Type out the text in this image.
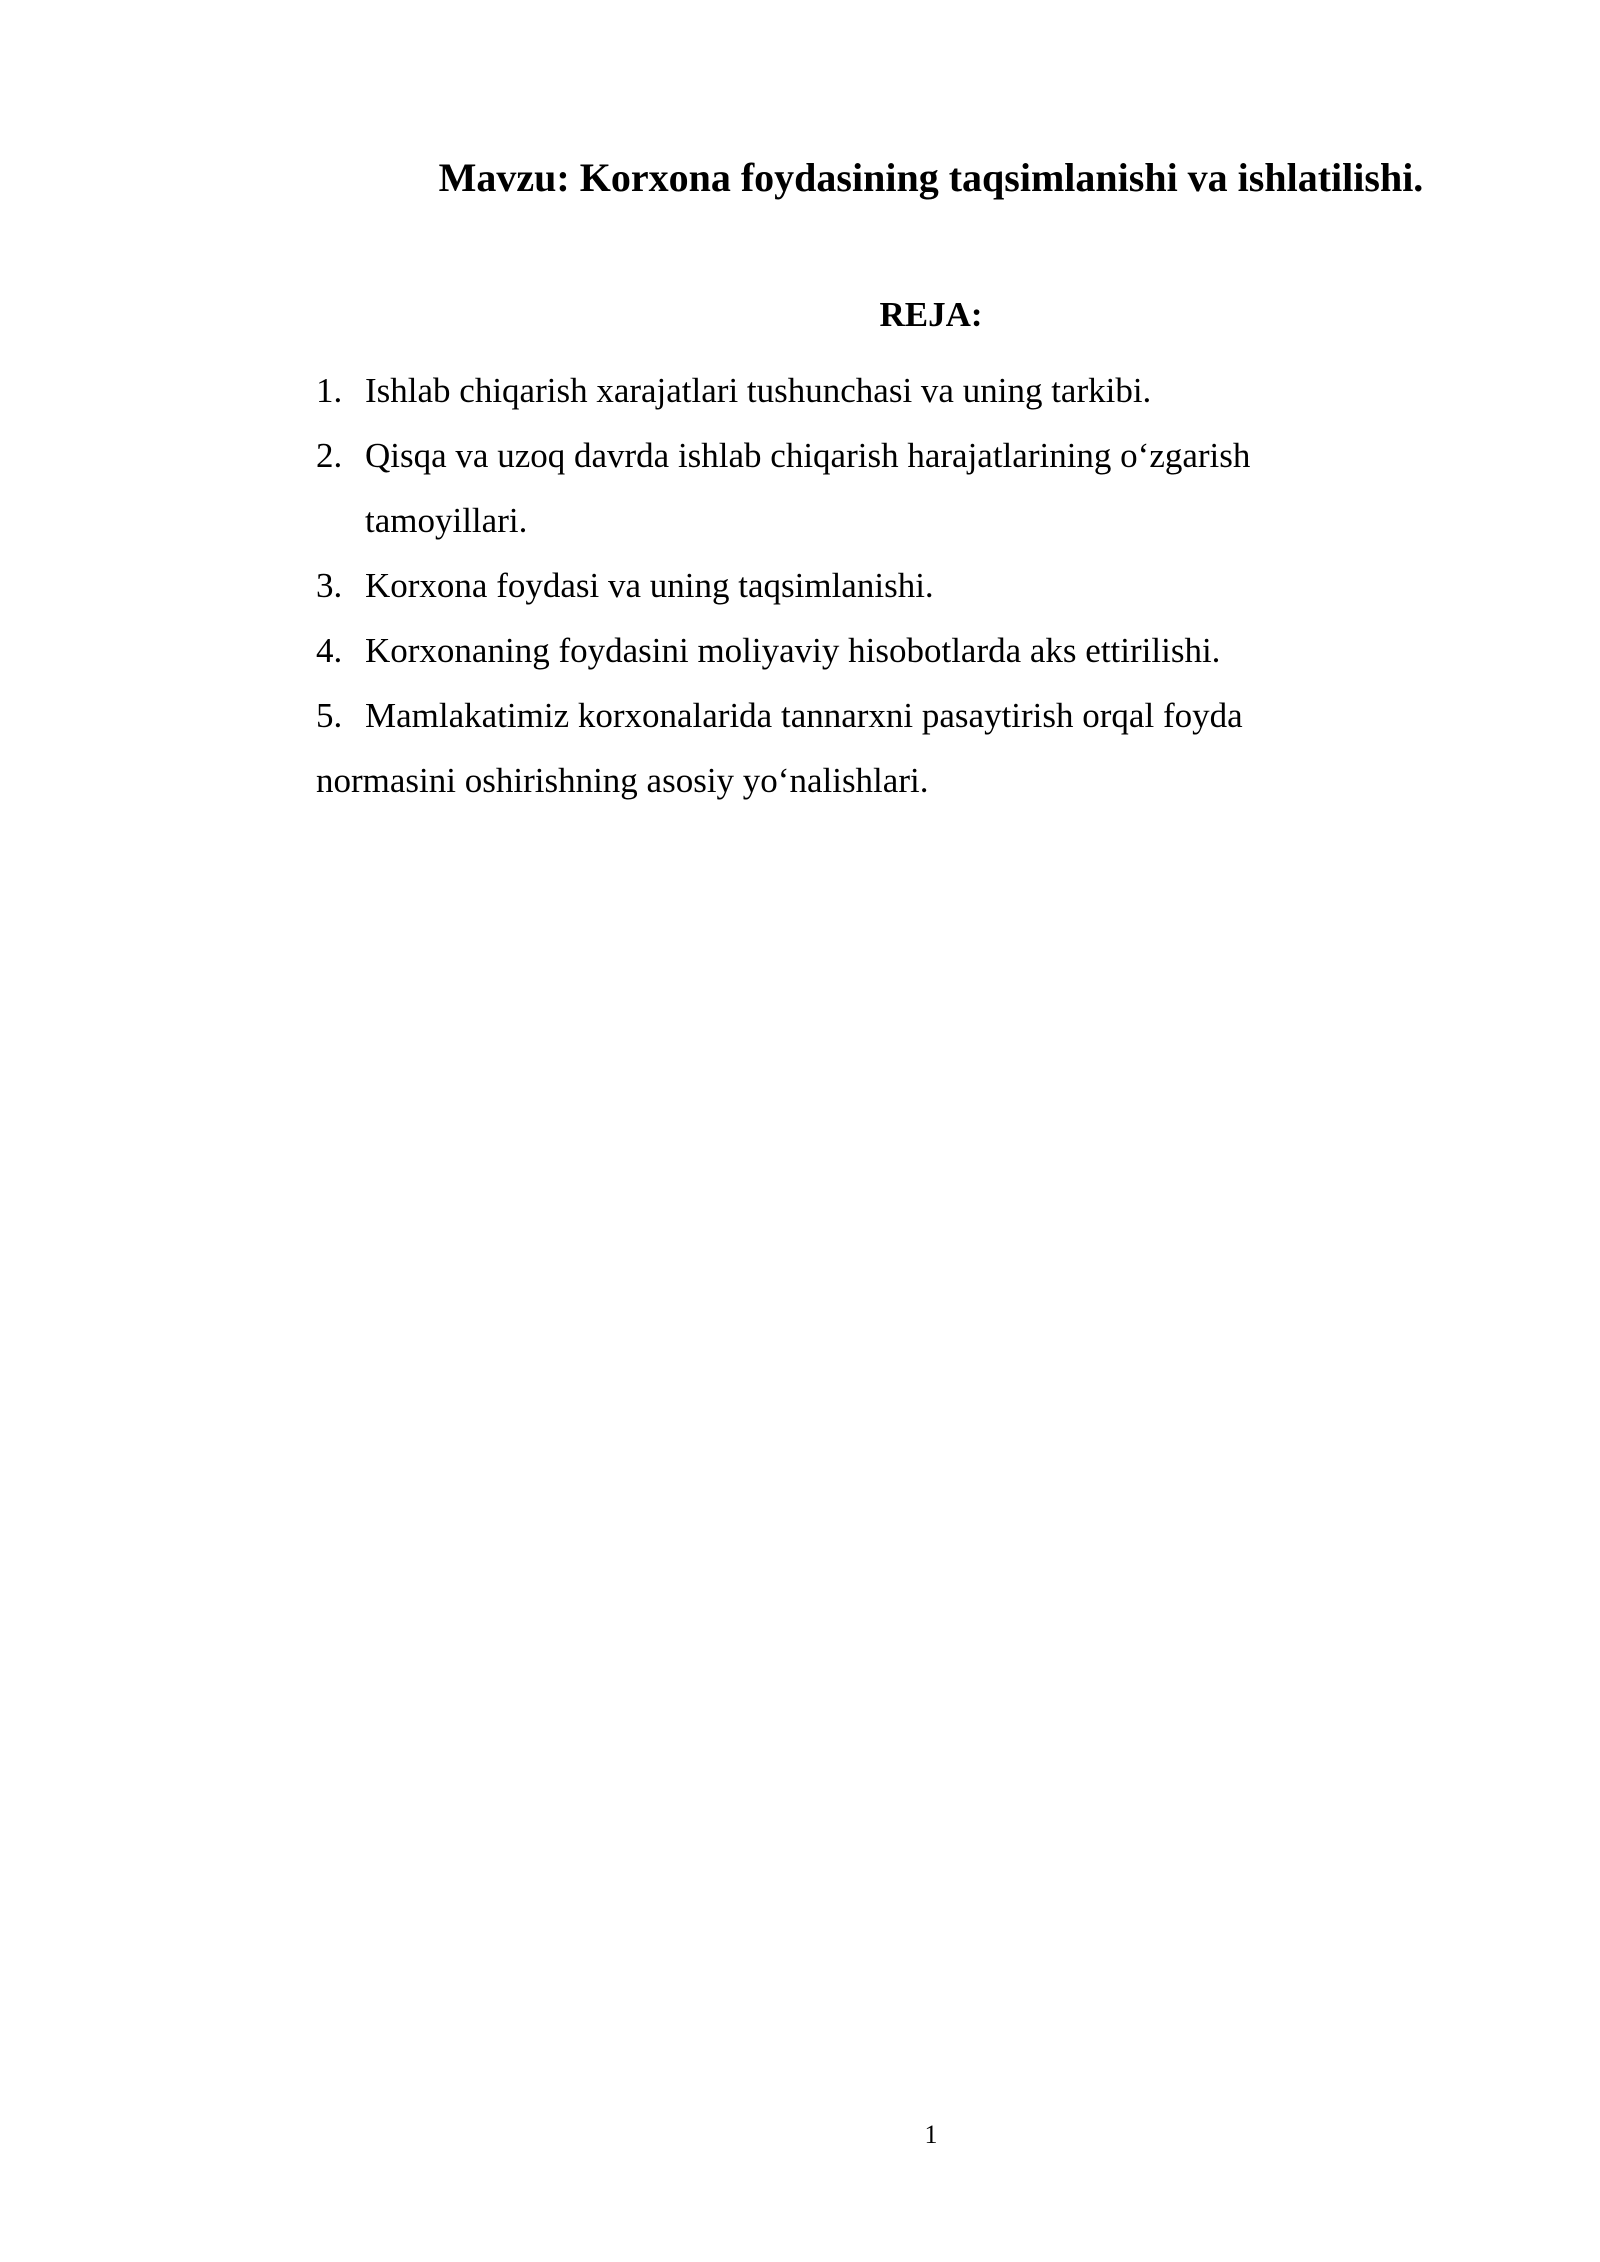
Mavzu: Korxona foydasining taqsimlanishi va ishlatilishi.
REJA:
1. Ishlab chiqarish xarajatlari tushunchasi va uning tarkibi.
2. Qisqa va uzoq davrda ishlab chiqarish harajatlarining o‘zgarish tamoyillari.
3. Korxona foydasi va uning taqsimlanishi.
4. Korxonaning foydasini moliyaviy hisobotlarda aks ettirilishi.
5. Mamlakatimiz korxonalarida tannarxni pasaytirish orqal foyda normasini oshirishning asosiy yo‘nalishlari.
1
